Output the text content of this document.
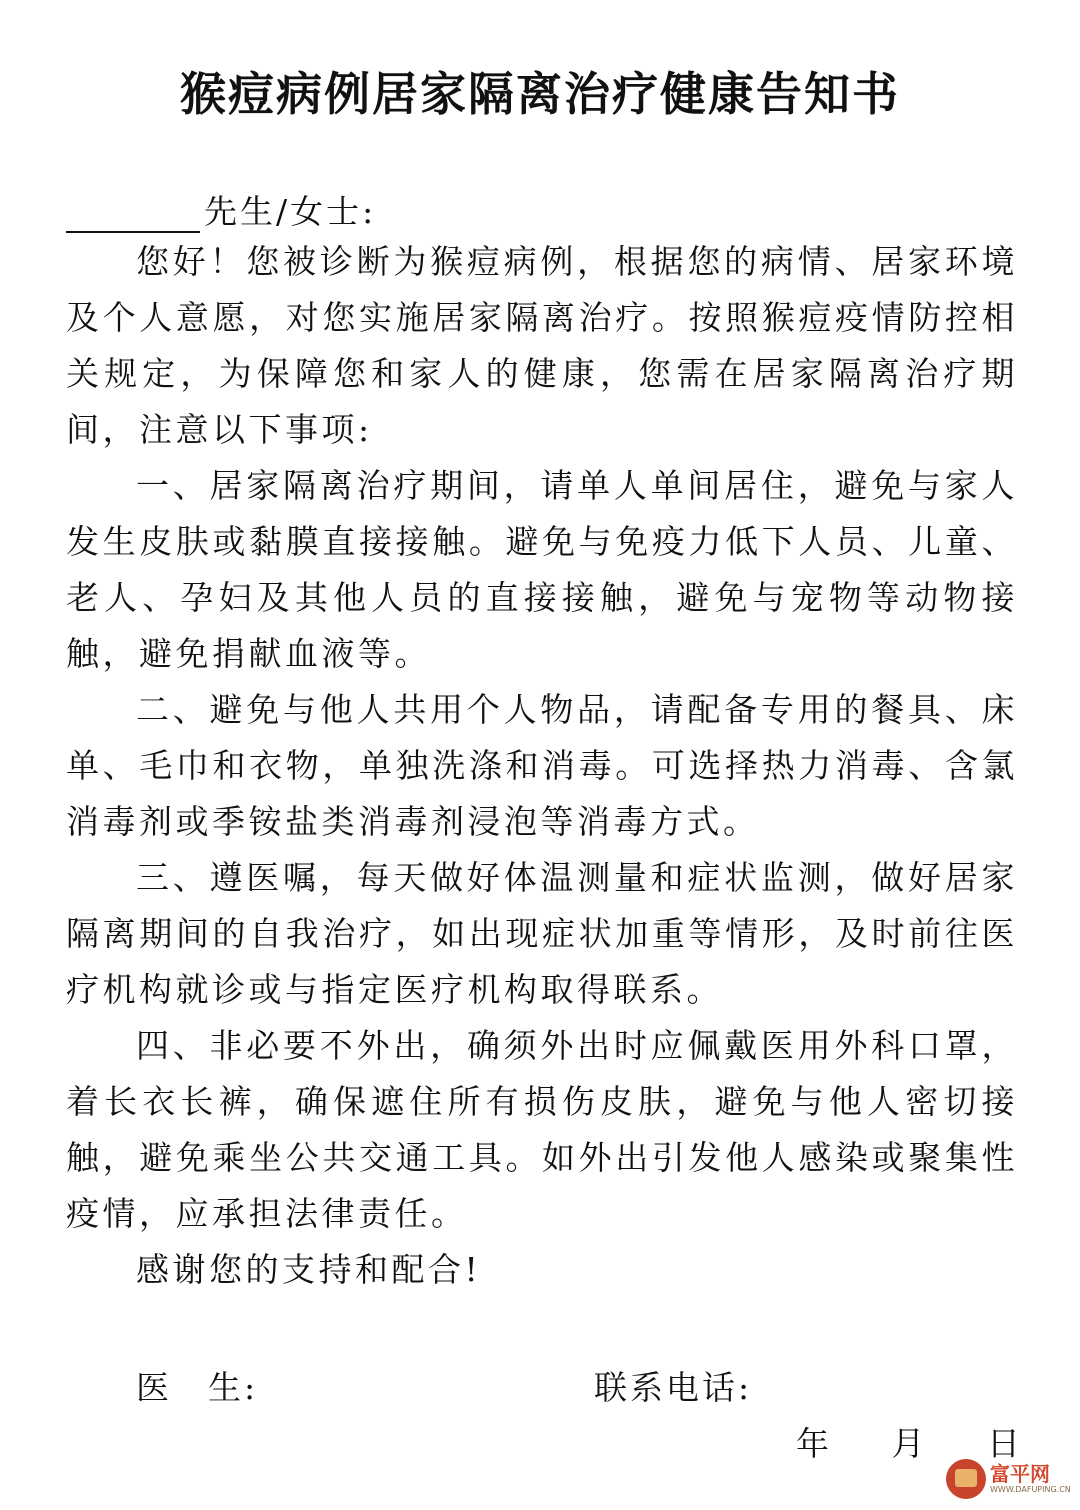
猴痘病例居家隔离治疗健康告知书
先生/女士:

您好！您被诊断为猴痘病例，根据您的病情、居家环境及个人意愿，对您实施居家隔离治疗。按照猴痘疫情防控相关规定，为保障您和家人的健康，您需在居家隔离治疗期间，注意以下事项:

一、居家隔离治疗期间，请单人单间居住，避免与家人发生皮肤或黏膜直接接触。避免与免疫力低下人员、儿童、老人、孕妇及其他人员的直接接触，避免与宠物等动物接触，避免捐献血液等。

二、避免与他人共用个人物品，请配备专用的餐具、床单、毛巾和衣物，单独洗涤和消毒。可选择热力消毒、含氯消毒剂或季铵盐类消毒剂浸泡等消毒方式。

三、遵医嘱，每天做好体温测量和症状监测，做好居家隔离期间的自我治疗，如出现症状加重等情形，及时前往医疗机构就诊或与指定医疗机构取得联系。

四、非必要不外出，确须外出时应佩戴医用外科口罩，着长衣长裤，确保遮住所有损伤皮肤，避免与他人密切接触，避免乘坐公共交通工具。如外出引发他人感染或聚集性疫情，应承担法律责任。

感谢您的支持和配合!

医　生:	联系电话:
年 月 日
富平网
WWW.DAFUPING.CN
